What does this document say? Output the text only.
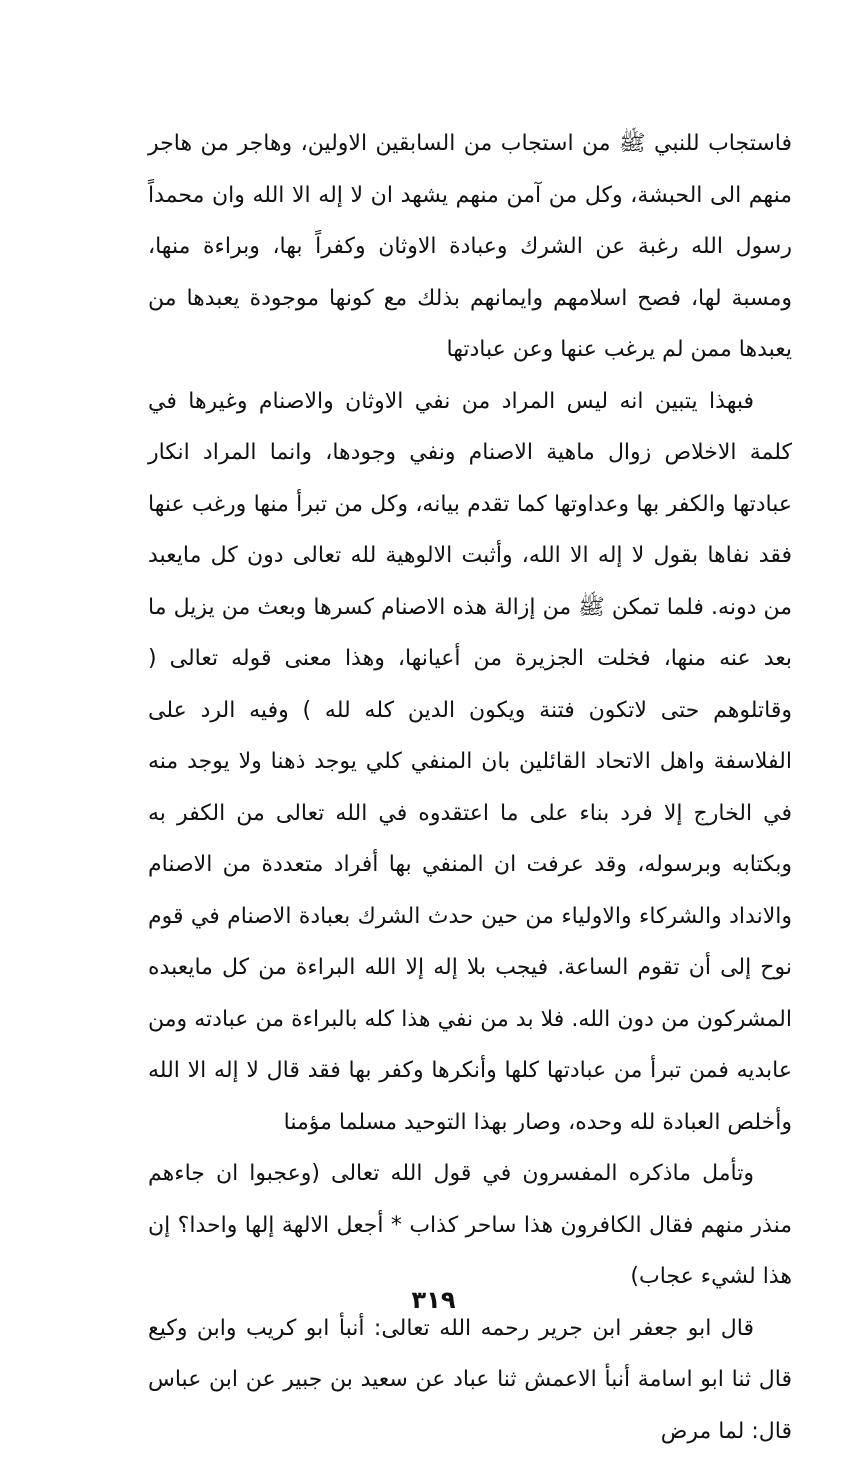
فاستجاب للنبي ﷺ من استجاب من السابقين الاولين، وهاجر من هاجر منهم الى الحبشة، وكل من آمن منهم يشهد ان لا إله الا الله وان محمداً رسول الله رغبة عن الشرك وعبادة الاوثان وكفراً بها، وبراءة منها، ومسبة لها، فصح اسلامهم وايمانهم بذلك مع كونها موجودة يعبدها من يعبدها ممن لم يرغب عنها وعن عبادتها

فبهذا يتبين انه ليس المراد من نفي الاوثان والاصنام وغيرها في كلمة الاخلاص زوال ماهية الاصنام ونفي وجودها، وانما المراد انكار عبادتها والكفر بها وعداوتها كما تقدم بيانه، وكل من تبرأ منها ورغب عنها فقد نفاها بقول لا إله الا الله، وأثبت الالوهية لله تعالى دون كل مايعبد من دونه. فلما تمكن ﷺ من إزالة هذه الاصنام كسرها وبعث من يزيل ما بعد عنه منها، فخلت الجزيرة من أعيانها، وهذا معنى قوله تعالى ( وقاتلوهم حتى لاتكون فتنة ويكون الدين كله لله ) وفيه الرد على الفلاسفة واهل الاتحاد القائلين بان المنفي كلي يوجد ذهنا ولا يوجد منه في الخارج إلا فرد بناء على ما اعتقدوه في الله تعالى من الكفر به وبكتابه وبرسوله، وقد عرفت ان المنفي بها أفراد متعددة من الاصنام والانداد والشركاء والاولياء من حين حدث الشرك بعبادة الاصنام في قوم نوح إلى أن تقوم الساعة. فيجب بلا إله إلا الله البراءة من كل مايعبده المشركون من دون الله. فلا بد من نفي هذا كله بالبراءة من عبادته ومن عابديه فمن تبرأ من عبادتها كلها وأنكرها وكفر بها فقد قال لا إله الا الله وأخلص العبادة لله وحده، وصار بهذا التوحيد مسلما مؤمنا

وتأمل ماذكره المفسرون في قول الله تعالى (وعجبوا ان جاءهم منذر منهم فقال الكافرون هذا ساحر كذاب * أجعل الالهة إلها واحدا؟ إن هذا لشيء عجاب)

قال ابو جعفر ابن جرير رحمه الله تعالى: أنبأ ابو كريب وابن وكيع قال ثنا ابو اسامة أنبأ الاعمش ثنا عباد عن سعيد بن جبير عن ابن عباس قال: لما مرض

٣١٩
